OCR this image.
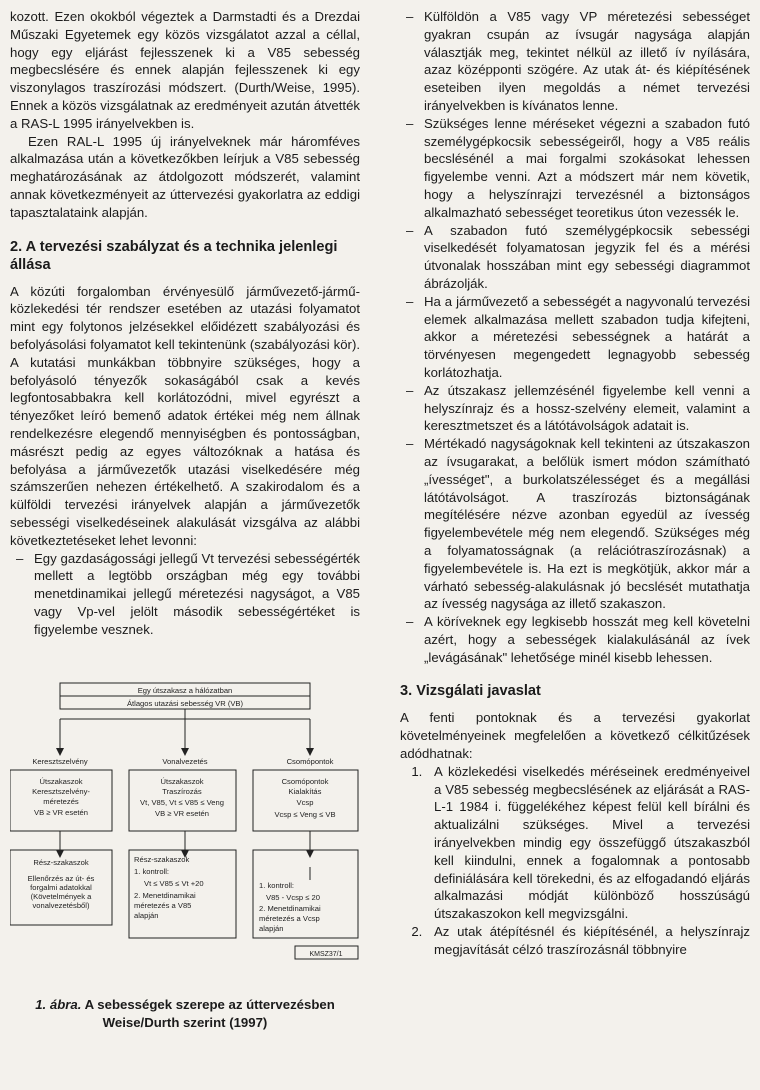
kozott. Ezen okokból végeztek a Darmstadti és a Drezdai Műszaki Egyetemek egy közös vizsgálatot azzal a céllal, hogy egy eljárást fejlesszenek ki a V85 sebesség megbecslésére és ennek alapján fejlesszenek ki egy viszonylagos traszírozási módszert. (Durth/Weise, 1995). Ennek a közös vizsgálatnak az eredményeit azután átvették a RAS-L 1995 irányelvekben is.

Ezen RAL-L 1995 új irányelveknek már háromféves alkalmazása után a következőkben leírjuk a V85 sebesség meghatározásának az átdolgozott módszerét, valamint annak következményeit az úttervezési gyakorlatra az eddigi tapasztalataink alapján.

2. A tervezési szabályzat és a technika jelenlegi állása

A közúti forgalomban érvényesülő járművezető-jármű-közlekedési tér rendszer esetében az utazási folyamatot mint egy folytonos jelzésekkel előidézett szabályozási és befolyásolási folyamatot kell tekintenünk (szabályozási kör). A kutatási munkákban többnyire szükséges, hogy a befolyásoló tényezők sokaságából csak a kevés legfontosabbakra kell korlátozódni, mivel egyrészt a tényezőket leíró bemenő adatok értékei még nem állnak rendelkezésre elegendő mennyiségben és pontosságban, másrészt pedig az egyes változóknak a hatása és befolyása a járművezetők utazási viselkedésére még számszerűen nehezen értékelhető. A szakirodalom és a külföldi tervezési irányelvek alapján a járművezetők sebességi viselkedéseinek alakulását vizsgálva az alábbi következtetéseket lehet levonni:

– Egy gazdaságossági jellegű Vt tervezési sebességérték mellett a legtöbb országban még egy további menetdinamikai jellegű méretezési nagyságot, a V85 vagy Vp-vel jelölt második sebességértéket is figyelembe vesznek.
Egy útszakasz a hálózatban
Átlagos utazási sebesség VR (VB)
Keresztszelvény	Vonalvezetés	Csomópontok
Útszakaszok
Keresztszelvény-
méretezés
VB ≥ VR esetén
Útszakaszok
Traszírozás
Vt, V85, Vt ≤ V85 ≤ Veng
VB ≥ VR esetén
Csomópontok
Kialakítás
Vcsp
Vcsp ≤ Veng ≤ VB
Rész-szakaszok
Ellenőrzés az út- és
forgalmi adatokkal
(Követelmények a
vonalvezetésből)
Rész-szakaszok
1. kontroll:
Vt ≤ V85 ≤ Vt +20
2. Menetdinamikai
méretezés a V85
alapján
1. kontroll:
V85 - Vcsp ≤ 20
2. Menetdinamikai
méretezés a Vcsp
alapján
KMSZ37/1
1. ábra. A sebességek szerepe az úttervezésben
Weise/Durth szerint (1997)
– Külföldön a V85 vagy VP méretezési sebességet gyakran csupán az ívsugár nagysága alapján választják meg, tekintet nélkül az illető ív nyílására, azaz középponti szögére. Az utak át- és kiépítésének eseteiben ilyen megoldás a német tervezési irányelvekben is kívánatos lenne.
– Szükséges lenne méréseket végezni a szabadon futó személygépkocsik sebességeiről, hogy a V85 reális becslésénél a mai forgalmi szokásokat lehessen figyelembe venni. Azt a módszert már nem követik, hogy a helyszínrajzi tervezésnél a biztonságos alkalmazható sebességet teoretikus úton vezessék le.
– A szabadon futó személygépkocsik sebességi viselkedését folyamatosan jegyzik fel és a mérési útvonalak hosszában mint egy sebességi diagrammot ábrázolják.
– Ha a járművezető a sebességét a nagyvonalú tervezési elemek alkalmazása mellett szabadon tudja kifejteni, akkor a méretezési sebességnek a határát a törvényesen megengedett legnagyobb sebesség korlátozhatja.
– Az útszakasz jellemzésénél figyelembe kell venni a helyszínrajz és a hossz-szelvény elemeit, valamint a keresztmetszet és a látótávolságok adatait is.
– Mértékadó nagyságoknak kell tekinteni az útszakaszon az ívsugarakat, a belőlük ismert módon számítható „ívességet", a burkolatszélességet és a megállási látótávolságot. A traszírozás biztonságának megítélésére nézve azonban egyedül az ívesség figyelembevétele még nem elegendő. Szükséges még a folyamatosságnak (a relációtraszírozásnak) a figyelembevétele is. Ha ezt is megkötjük, akkor már a várható sebesség-alakulásnak jó becslését mutathatja az ívesség nagysága az illető szakaszon.
– A köríveknek egy legkisebb hosszát meg kell követelni azért, hogy a sebességek kialakulásánál az ívek „levágásának" lehetősége minél kisebb lehessen.
3. Vizsgálati javaslat

A fenti pontoknak és a tervezési gyakorlat követelményeinek megfelelően a következő célkitűzések adódhatnak:

1. A közlekedési viselkedés méréseinek eredményeivel a V85 sebesség megbecslésének az eljárását a RAS-L-1 1984 i. függelékéhez képest felül kell bírálni és aktualizálni szükséges. Mivel a tervezési irányelvekben mindig egy összefüggő útszakaszból kell kiindulni, ennek a fogalomnak a pontosabb definiálására kell törekedni, és az elfogadandó eljárás alkalmazási módját különböző hosszúságú útszakaszokon kell megvizsgálni.
2. Az utak átépítésnél és kiépítésénél, a helyszínrajz megjavítását célzó traszírozásnál többnyire
